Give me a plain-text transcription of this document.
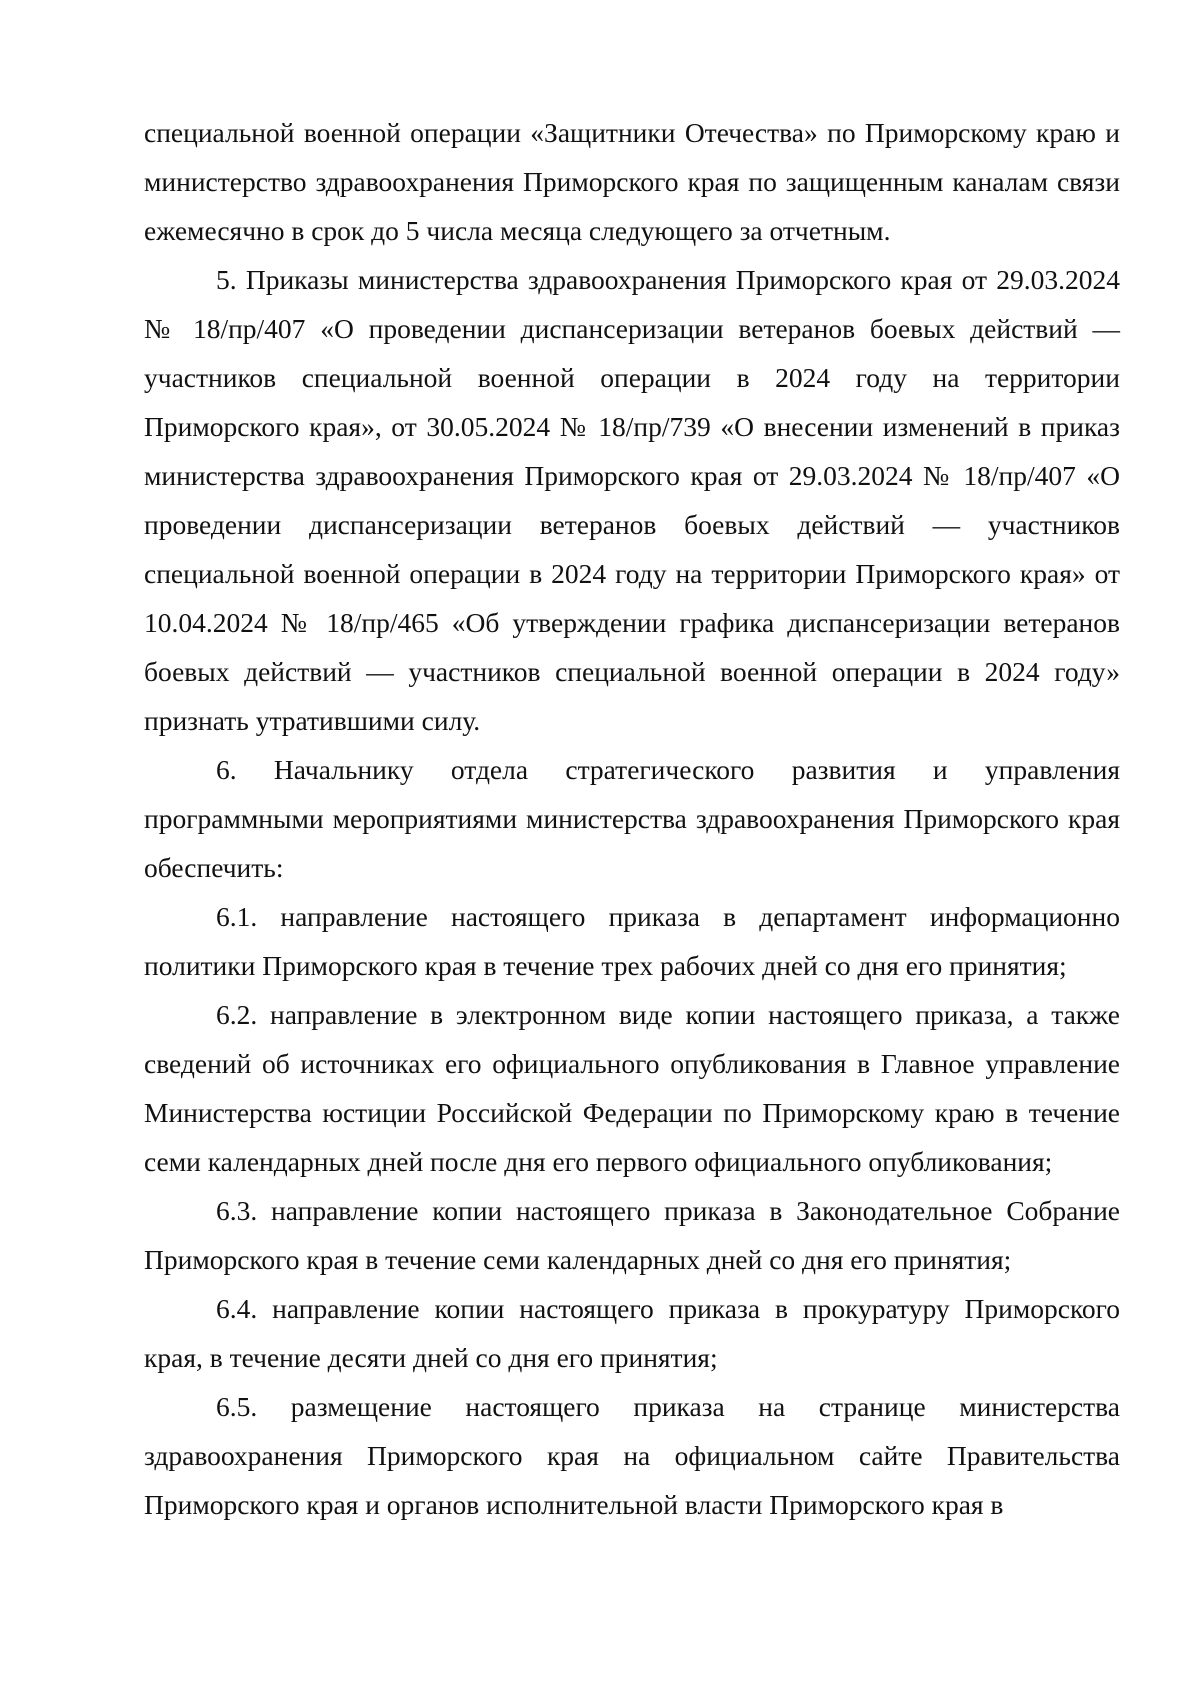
специальной военной операции «Защитники Отечества» по Приморскому краю и министерство здравоохранения Приморского края по защищенным каналам связи ежемесячно в срок до 5 числа месяца следующего за отчетным.

5. Приказы министерства здравоохранения Приморского края от 29.03.2024 № 18/пр/407 «О проведении диспансеризации ветеранов боевых действий — участников специальной военной операции в 2024 году на территории Приморского края», от 30.05.2024 № 18/пр/739 «О внесении изменений в приказ министерства здравоохранения Приморского края от 29.03.2024 № 18/пр/407 «О проведении диспансеризации ветеранов боевых действий — участников специальной военной операции в 2024 году на территории Приморского края» от 10.04.2024 № 18/пр/465 «Об утверждении графика диспансеризации ветеранов боевых действий — участников специальной военной операции в 2024 году» признать утратившими силу.

6. Начальнику отдела стратегического развития и управления программными мероприятиями министерства здравоохранения Приморского края обеспечить:

6.1. направление настоящего приказа в департамент информационно политики Приморского края в течение трех рабочих дней со дня его принятия;

6.2. направление в электронном виде копии настоящего приказа, а также сведений об источниках его официального опубликования в Главное управление Министерства юстиции Российской Федерации по Приморскому краю в течение семи календарных дней после дня его первого официального опубликования;

6.3. направление копии настоящего приказа в Законодательное Собрание Приморского края в течение семи календарных дней со дня его принятия;

6.4. направление копии настоящего приказа в прокуратуру Приморского края, в течение десяти дней со дня его принятия;

6.5. размещение настоящего приказа на странице министерства здравоохранения Приморского края на официальном сайте Правительства Приморского края и органов исполнительной власти Приморского края в
